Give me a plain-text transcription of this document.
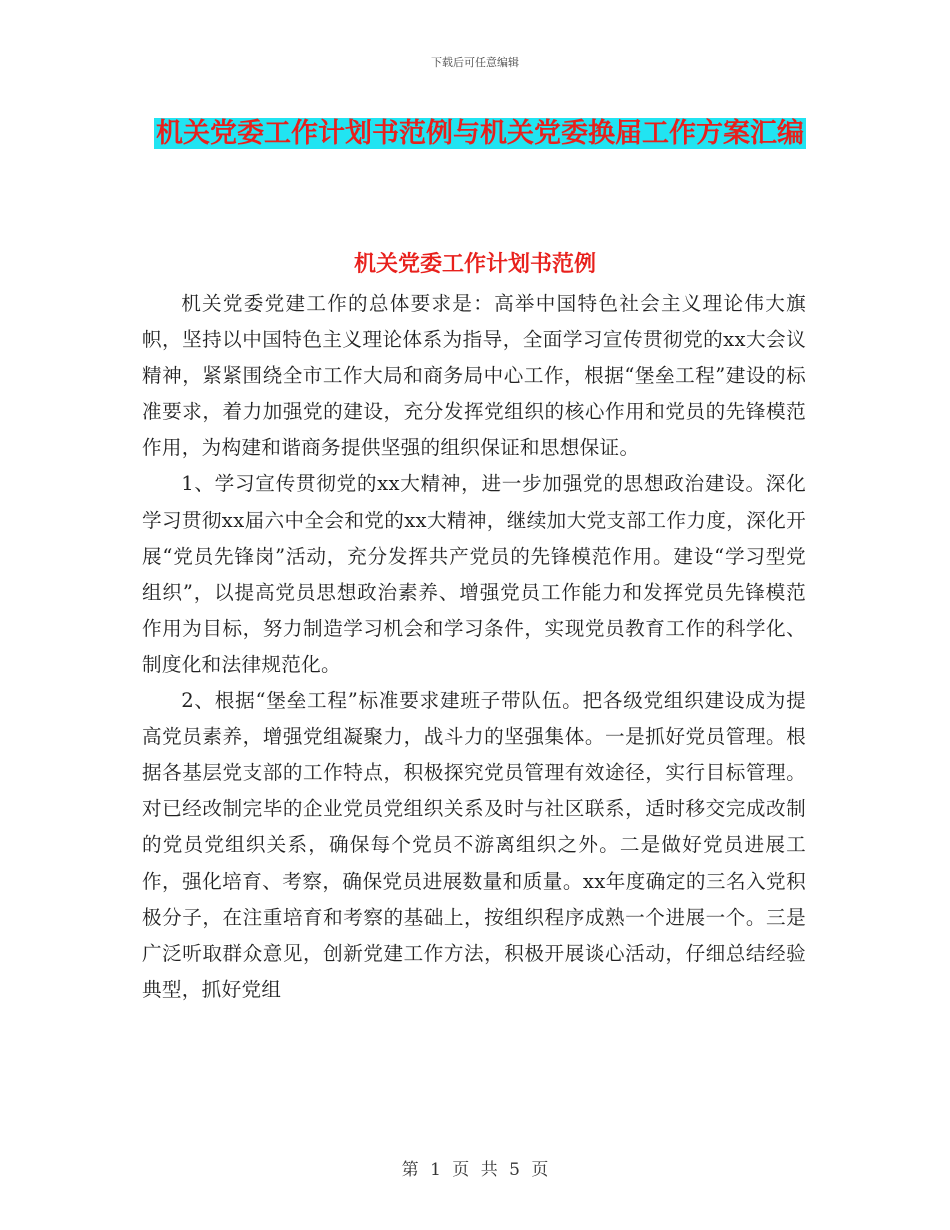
下载后可任意编辑
机关党委工作计划书范例与机关党委换届工作方案汇编
机关党委工作计划书范例

机关党委党建工作的总体要求是：高举中国特色社会主义理论伟大旗帜，坚持以中国特色主义理论体系为指导，全面学习宣传贯彻党的xx大会议精神，紧紧围绕全市工作大局和商务局中心工作，根据“堡垒工程”建设的标准要求，着力加强党的建设，充分发挥党组织的核心作用和党员的先锋模范作用，为构建和谐商务提供坚强的组织保证和思想保证。

1、学习宣传贯彻党的xx大精神，进一步加强党的思想政治建设。深化学习贯彻xx届六中全会和党的xx大精神，继续加大党支部工作力度，深化开展“党员先锋岗”活动，充分发挥共产党员的先锋模范作用。建设“学习型党组织”，以提高党员思想政治素养、增强党员工作能力和发挥党员先锋模范作用为目标，努力制造学习机会和学习条件，实现党员教育工作的科学化、制度化和法律规范化。

2、根据“堡垒工程”标准要求建班子带队伍。把各级党组织建设成为提高党员素养，增强党组凝聚力，战斗力的坚强集体。一是抓好党员管理。根据各基层党支部的工作特点，积极探究党员管理有效途径，实行目标管理。对已经改制完毕的企业党员党组织关系及时与社区联系，适时移交完成改制的党员党组织关系，确保每个党员不游离组织之外。二是做好党员进展工作，强化培育、考察，确保党员进展数量和质量。xx年度确定的三名入党积极分子，在注重培育和考察的基础上，按组织程序成熟一个进展一个。三是广泛听取群众意见，创新党建工作方法，积极开展谈心活动，仔细总结经验典型，抓好党组

第 1 页 共 5 页
